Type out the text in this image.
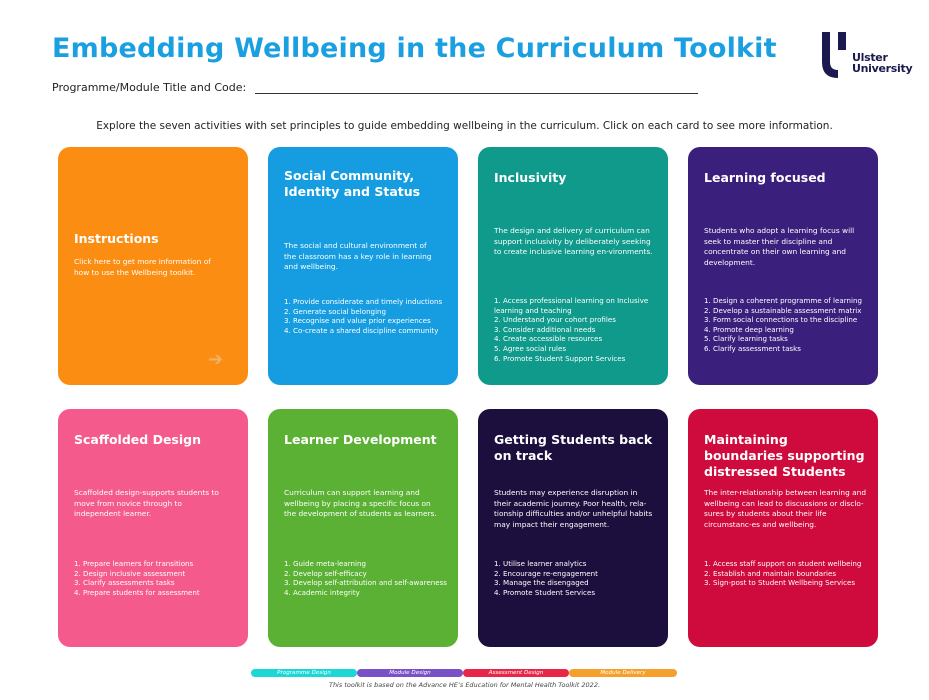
Embedding Wellbeing in the Curriculum Toolkit	Ulster
University
Programme/Module Title and Code:
Explore the seven activities with set principles to guide embedding wellbeing in the curriculum. Click on each card to see more information.
Instructions
Click here to get more information of how to use the Wellbeing toolkit.
➔
Social Community, Identity and Status
The social and cultural environment of the classroom has a key role in learning and wellbeing.
1. Provide considerate and timely inductions
2. Generate social belonging
3. Recognise and value prior experiences
4. Co-create a shared discipline community
Inclusivity
The design and delivery of curriculum can support inclusivity by deliberately seeking to create inclusive learning en-vironments.
1. Access professional learning on Inclusive learning and teaching
2. Understand your cohort profiles
3. Consider additional needs
4. Create accessible resources
5. Agree social rules
6. Promote Student Support Services
Learning focused
Students who adopt a learning focus will seek to master their discipline and concentrate on their own learning and development.
1. Design a coherent programme of learning
2. Develop a sustainable assessment matrix
3. Form social connections to the discipline
4. Promote deep learning
5. Clarify learning tasks
6. Clarify assessment tasks
Scaffolded Design
Scaffolded design-supports students to move from novice through to independent learner.
1. Prepare learners for transitions
2. Design inclusive assessment
3. Clarify assessments tasks
4. Prepare students for assessment
Learner Development
Curriculum can support learning and wellbeing by placing a specific focus on the development of students as learners.
1. Guide meta-learning
2. Develop self-efficacy
3. Develop self-attribution and self-awareness
4. Academic integrity
Getting Students back on track
Students may experience disruption in their academic journey. Poor health, rela-tionship difficulties and/or unhelpful habits may impact their engagement.
1. Utilise learner analytics
2. Encourage re-engagement
3. Manage the disengaged
4. Promote Student Services
Maintaining boundaries supporting distressed Students
The inter-relationship between learning and wellbeing can lead to discussions or disclo-sures by students about their life circumstanc-es and wellbeing.
1. Access staff support on student wellbeing
2. Establish and maintain boundaries
3. Sign-post to Student Wellbeing Services
Programme Design	Module Design	Assessment Design	Module Delivery
This toolkit is based on the Advance HE’s Education for Mental Health Toolkit 2022.
